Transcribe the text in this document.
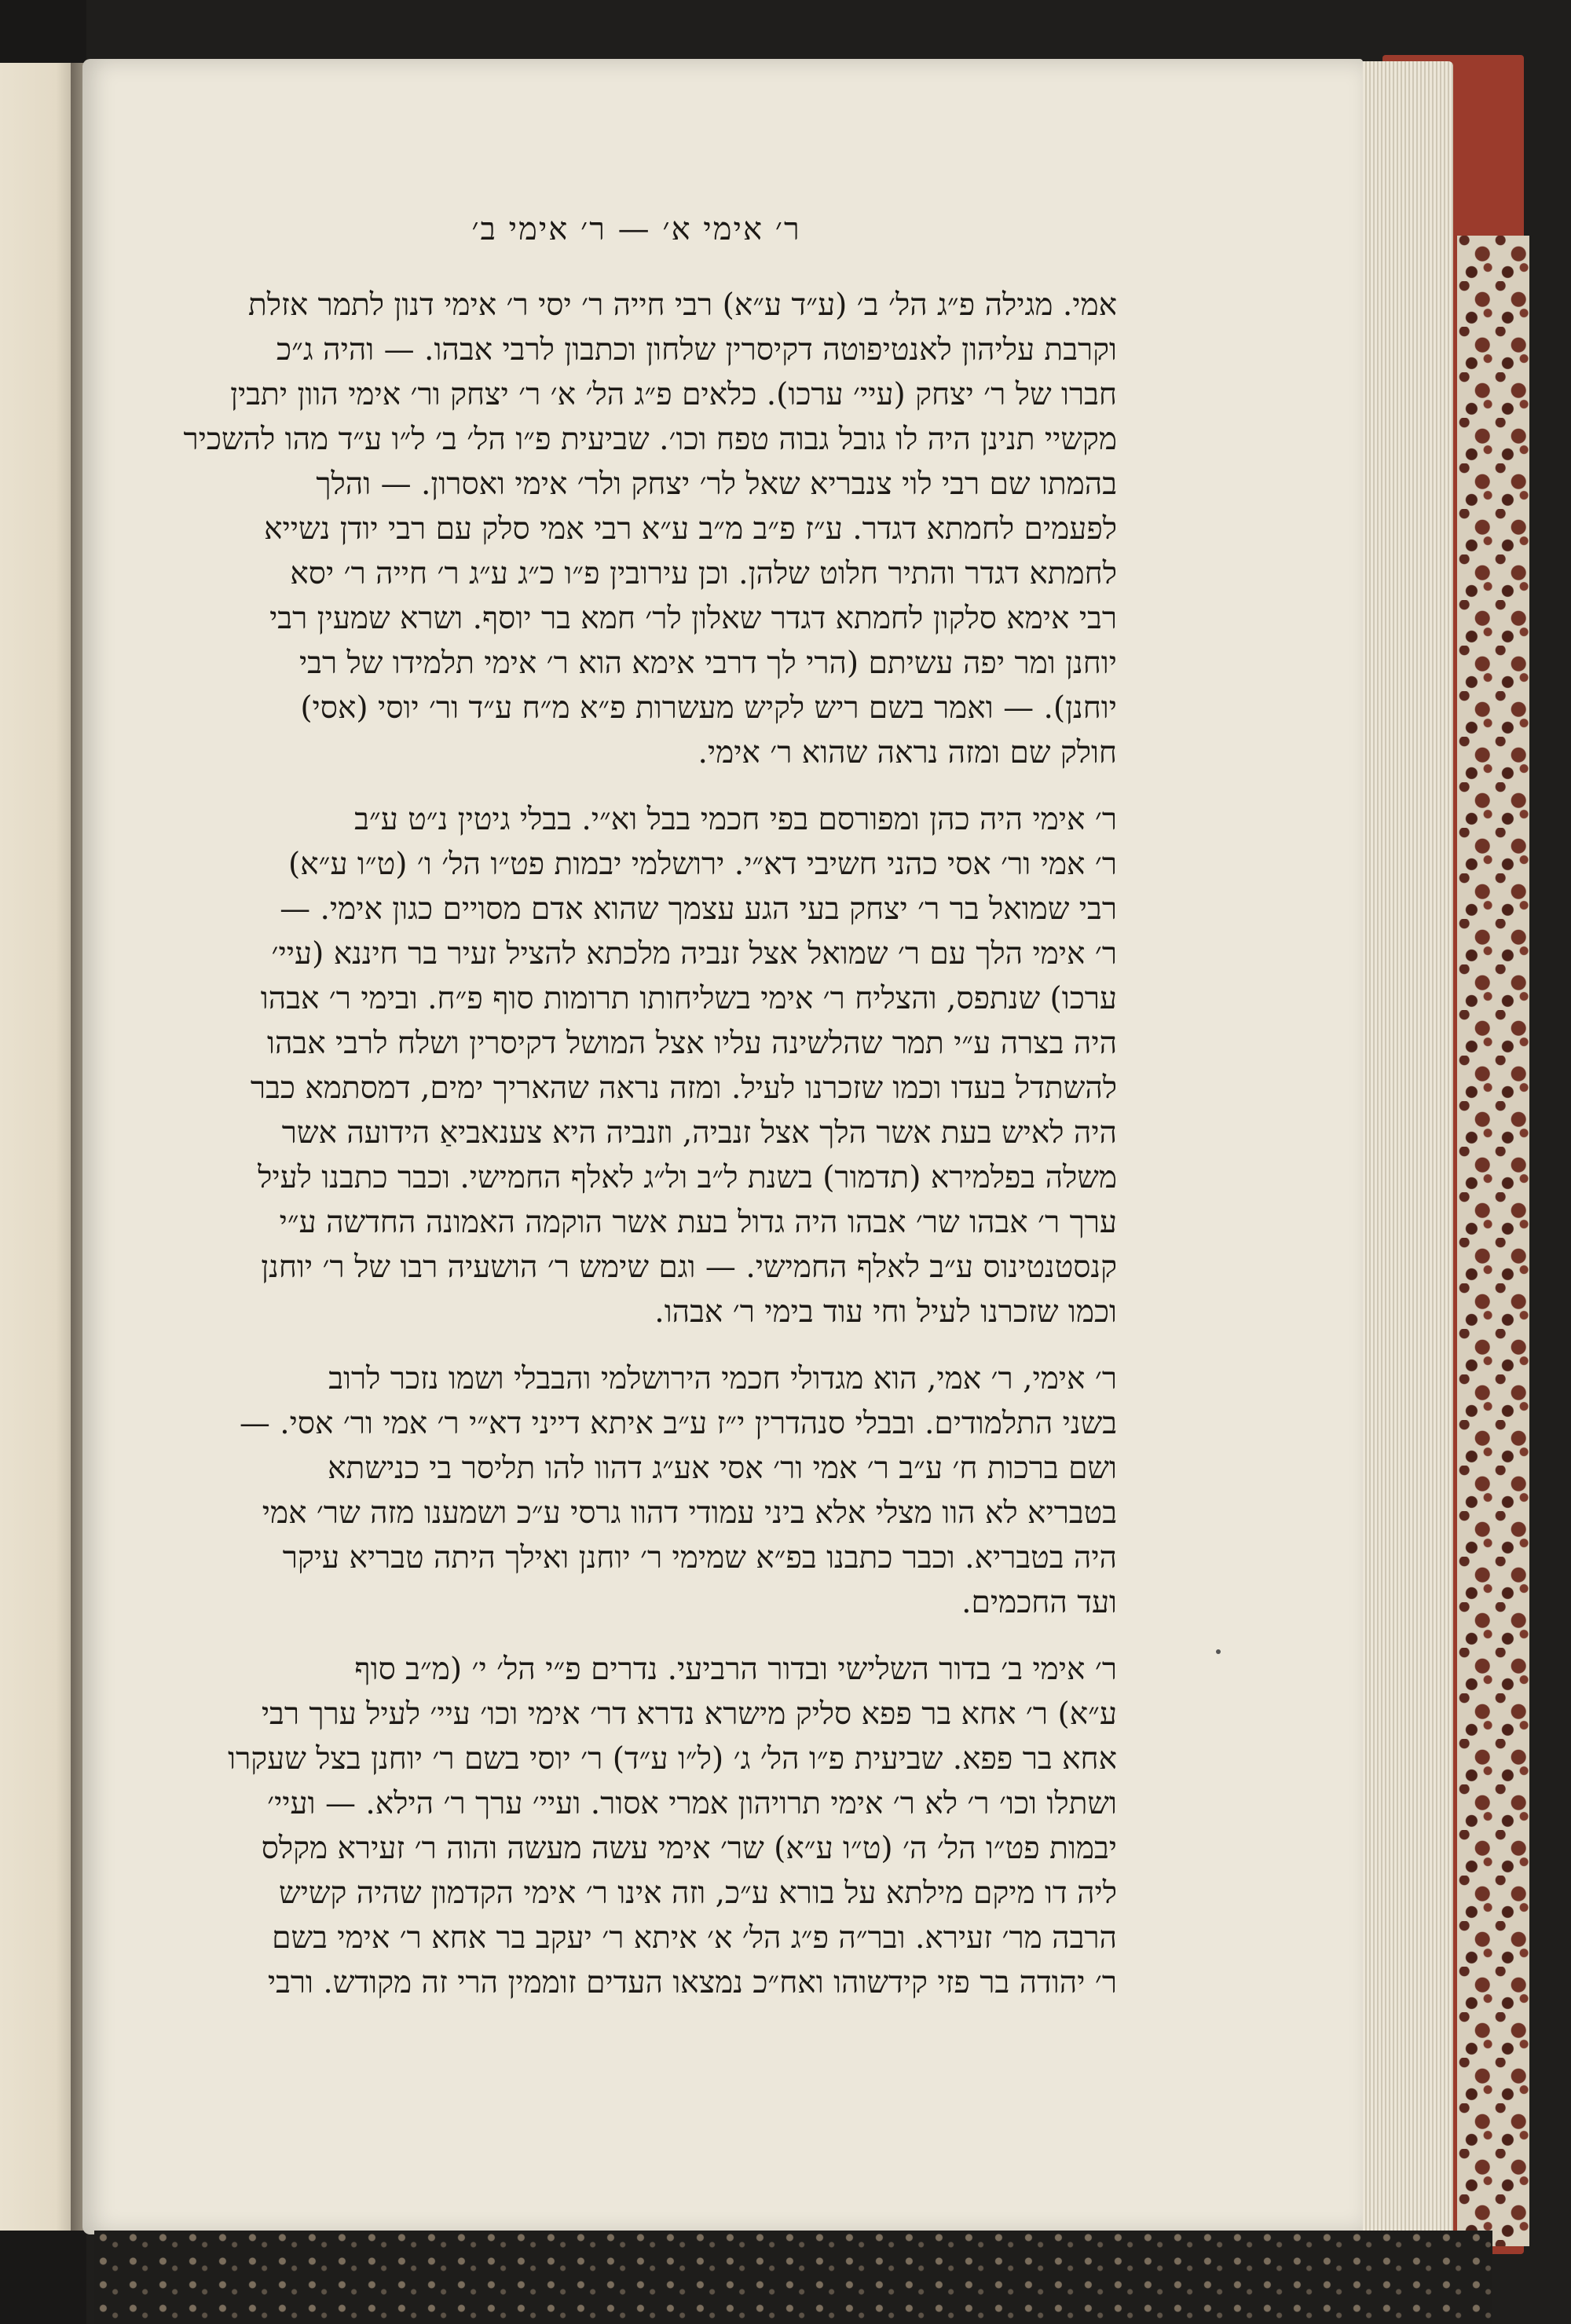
ר׳ אימי א׳ — ר׳ אימי ב׳

אמי. מגילה פ״ג הל׳ ב׳ (ע״ד ע״א) רבי חייה ר׳ יסי ר׳ אימי דנון לתמר אזלת
וקרבת עליהון לאנטיפוטה דקיסרין שלחון וכתבון לרבי אבהו. — והיה ג״כ
חברו של ר׳ יצחק (עיי׳ ערכו). כלאים פ״ג הל׳ א׳ ר׳ יצחק ור׳ אימי הוון יתבין
מקשיי תנינן היה לו גובל גבוה טפח וכו׳. שביעית פ״ו הל׳ ב׳ ל״ו ע״ד מהו להשכיר
בהמתו שם רבי לוי צנבריא שאל לר׳ יצחק ולר׳ אימי ואסרון. — והלך
לפעמים לחמתא דגדר. ע״ז פ״ב מ״ב ע״א רבי אמי סלק עם רבי יודן נשייא
לחמתא דגדר והתיר חלוט שלהן. וכן עירובין פ״ו כ״ג ע״ג ר׳ חייה ר׳ יסא
רבי אימא סלקון לחמתא דגדר שאלון לר׳ חמא בר יוסף. ושרא שמעין רבי
יוחנן ומר יפה עשיתם (הרי לך דרבי אימא הוא ר׳ אימי תלמידו של רבי
יוחנן). — ואמר בשם ריש לקיש מעשרות פ״א מ״ח ע״ד ור׳ יוסי (אסי)
חולק שם ומזה נראה שהוא ר׳ אימי.

ר׳ אימי היה כהן ומפורסם בפי חכמי בבל וא״י. בבלי גיטין נ״ט ע״ב
ר׳ אמי ור׳ אסי כהני חשיבי דא״י. ירושלמי יבמות פט״ו הל׳ ו׳ (ט״ו ע״א)
רבי שמואל בר ר׳ יצחק בעי הגע עצמך שהוא אדם מסויים כגון אימי. —
ר׳ אימי הלך עם ר׳ שמואל אצל זנביה מלכתא להציל זעיר בר חיננא (עיי׳
ערכו) שנתפס, והצליח ר׳ אימי בשליחותו תרומות סוף פ״ח. ובימי ר׳ אבהו
היה בצרה ע״י תמר שהלשינה עליו אצל המושל דקיסרין ושלח לרבי אבהו
להשתדל בעדו וכמו שזכרנו לעיל. ומזה נראה שהאריך ימים, דמסתמא כבר
היה לאיש בעת אשר הלך אצל זנביה, וזנביה היא צענאביאַ הידועה אשר
משלה בפלמירא (תדמור) בשנת ל״ב ול״ג לאלף החמישי. וכבר כתבנו לעיל
ערך ר׳ אבהו שר׳ אבהו היה גדול בעת אשר הוקמה האמונה החדשה ע״י
קנסטנטינוס ע״ב לאלף החמישי. — וגם שימש ר׳ הושעיה רבו של ר׳ יוחנן
וכמו שזכרנו לעיל וחי עוד בימי ר׳ אבהו.

ר׳ אימי, ר׳ אמי, הוא מגדולי חכמי הירושלמי והבבלי ושמו נזכר לרוב
בשני התלמודים. ובבלי סנהדרין י״ז ע״ב איתא דייני דא״י ר׳ אמי ור׳ אסי. —
ושם ברכות ח׳ ע״ב ר׳ אמי ור׳ אסי אע״ג דהוו להו תליסר בי כנישתא
בטבריא לא הוו מצלי אלא ביני עמודי דהוו גרסי ע״כ ושמענו מזה שר׳ אמי
היה בטבריא. וכבר כתבנו בפ״א שמימי ר׳ יוחנן ואילך היתה טבריא עיקר
ועד החכמים.

ר׳ אימי ב׳ בדור השלישי ובדור הרביעי. נדרים פ״י הל׳ י׳ (מ״ב סוף
ע״א) ר׳ אחא בר פפא סליק מישרא נדרא דר׳ אימי וכו׳ עיי׳ לעיל ערך רבי
אחא בר פפא. שביעית פ״ו הל׳ ג׳ (ל״ו ע״ד) ר׳ יוסי בשם ר׳ יוחנן בצל שעקרו
ושתלו וכו׳ ר׳ לא ר׳ אימי תרויהון אמרי אסור. ועיי׳ ערך ר׳ הילא. — ועיי׳
יבמות פט״ו הל׳ ה׳ (ט״ו ע״א) שר׳ אימי עשה מעשה והוה ר׳ זעירא מקלס
ליה דו מיקם מילתא על בורא ע״כ, וזה אינו ר׳ אימי הקדמון שהיה קשיש
הרבה מר׳ זעירא. ובר״ה פ״ג הל׳ א׳ איתא ר׳ יעקב בר אחא ר׳ אימי בשם
ר׳ יהודה בר פזי קידשוהו ואח״כ נמצאו העדים זוממין הרי זה מקודש. ורבי
